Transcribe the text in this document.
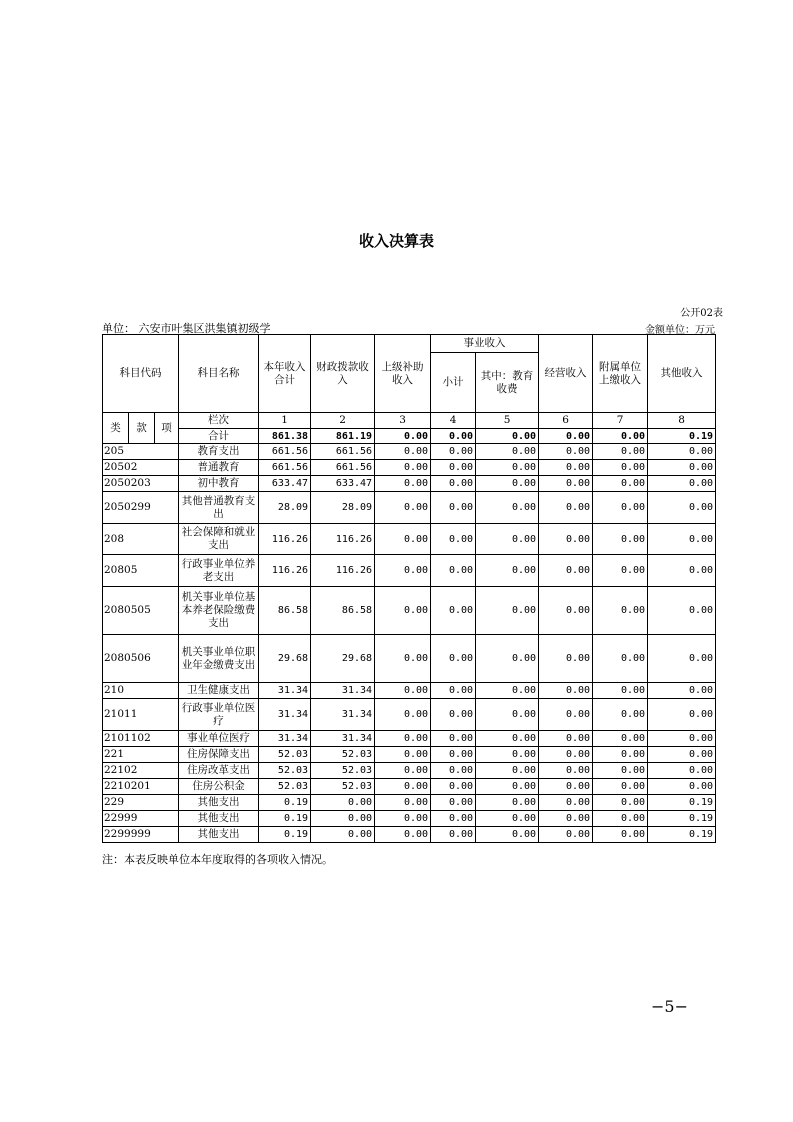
收入决算表
公开02表
单位： 六安市叶集区洪集镇初级学	金额单位：万元
科目代码			科目名称	本年收入合计	财政拨款收入	上级补助收入	事业收入		经营收入	附属单位上缴收入	其他收入
							小计	其中：教育收费			
类	款	项	栏次	1	2	3	4	5	6	7	8
			合计	861.38	861.19	0.00	0.00	0.00	0.00	0.00	0.19
205			教育支出	661.56	661.56	0.00	0.00	0.00	0.00	0.00	0.00
20502			普通教育	661.56	661.56	0.00	0.00	0.00	0.00	0.00	0.00
2050203			初中教育	633.47	633.47	0.00	0.00	0.00	0.00	0.00	0.00
2050299			其他普通教育支出	28.09	28.09	0.00	0.00	0.00	0.00	0.00	0.00
208			社会保障和就业支出	116.26	116.26	0.00	0.00	0.00	0.00	0.00	0.00
20805			行政事业单位养老支出	116.26	116.26	0.00	0.00	0.00	0.00	0.00	0.00
2080505			机关事业单位基本养老保险缴费支出	86.58	86.58	0.00	0.00	0.00	0.00	0.00	0.00
2080506			机关事业单位职业年金缴费支出	29.68	29.68	0.00	0.00	0.00	0.00	0.00	0.00
210			卫生健康支出	31.34	31.34	0.00	0.00	0.00	0.00	0.00	0.00
21011			行政事业单位医疗	31.34	31.34	0.00	0.00	0.00	0.00	0.00	0.00
2101102			事业单位医疗	31.34	31.34	0.00	0.00	0.00	0.00	0.00	0.00
221			住房保障支出	52.03	52.03	0.00	0.00	0.00	0.00	0.00	0.00
22102			住房改革支出	52.03	52.03	0.00	0.00	0.00	0.00	0.00	0.00
2210201			住房公积金	52.03	52.03	0.00	0.00	0.00	0.00	0.00	0.00
229			其他支出	0.19	0.00	0.00	0.00	0.00	0.00	0.00	0.19
22999			其他支出	0.19	0.00	0.00	0.00	0.00	0.00	0.00	0.19
2299999			其他支出	0.19	0.00	0.00	0.00	0.00	0.00	0.00	0.19
注：本表反映单位本年度取得的各项收入情况。
−5−
